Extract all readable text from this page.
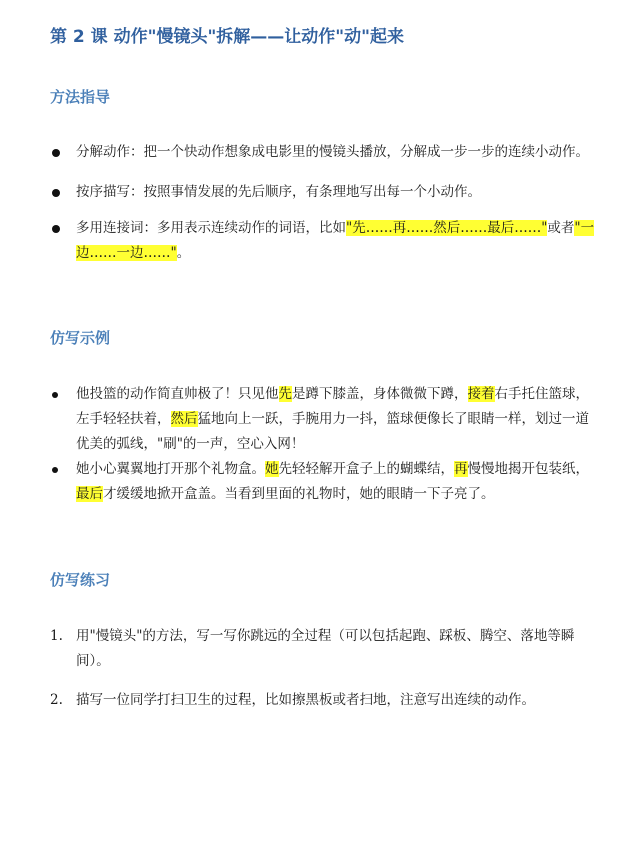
第 2 课 动作"慢镜头"拆解——让动作"动"起来
方法指导
分解动作：把一个快动作想象成电影里的慢镜头播放，分解成一步一步的连续小动作。
按序描写：按照事情发展的先后顺序，有条理地写出每一个小动作。
多用连接词：多用表示连续动作的词语，比如"先……再……然后……最后……"或者"一边……一边……"。
仿写示例
他投篮的动作简直帅极了！只见他先是蹲下膝盖，身体微微下蹲，接着右手托住篮球，左手轻轻扶着，然后猛地向上一跃，手腕用力一抖，篮球便像长了眼睛一样，划过一道优美的弧线，"刷"的一声，空心入网！
她小心翼翼地打开那个礼物盒。她先轻轻解开盒子上的蝴蝶结，再慢慢地揭开包装纸，最后才缓缓地掀开盒盖。当看到里面的礼物时，她的眼睛一下子亮了。
仿写练习
1. 用"慢镜头"的方法，写一写你跳远的全过程（可以包括起跑、踩板、腾空、落地等瞬间）。
2. 描写一位同学打扫卫生的过程，比如擦黑板或者扫地，注意写出连续的动作。
